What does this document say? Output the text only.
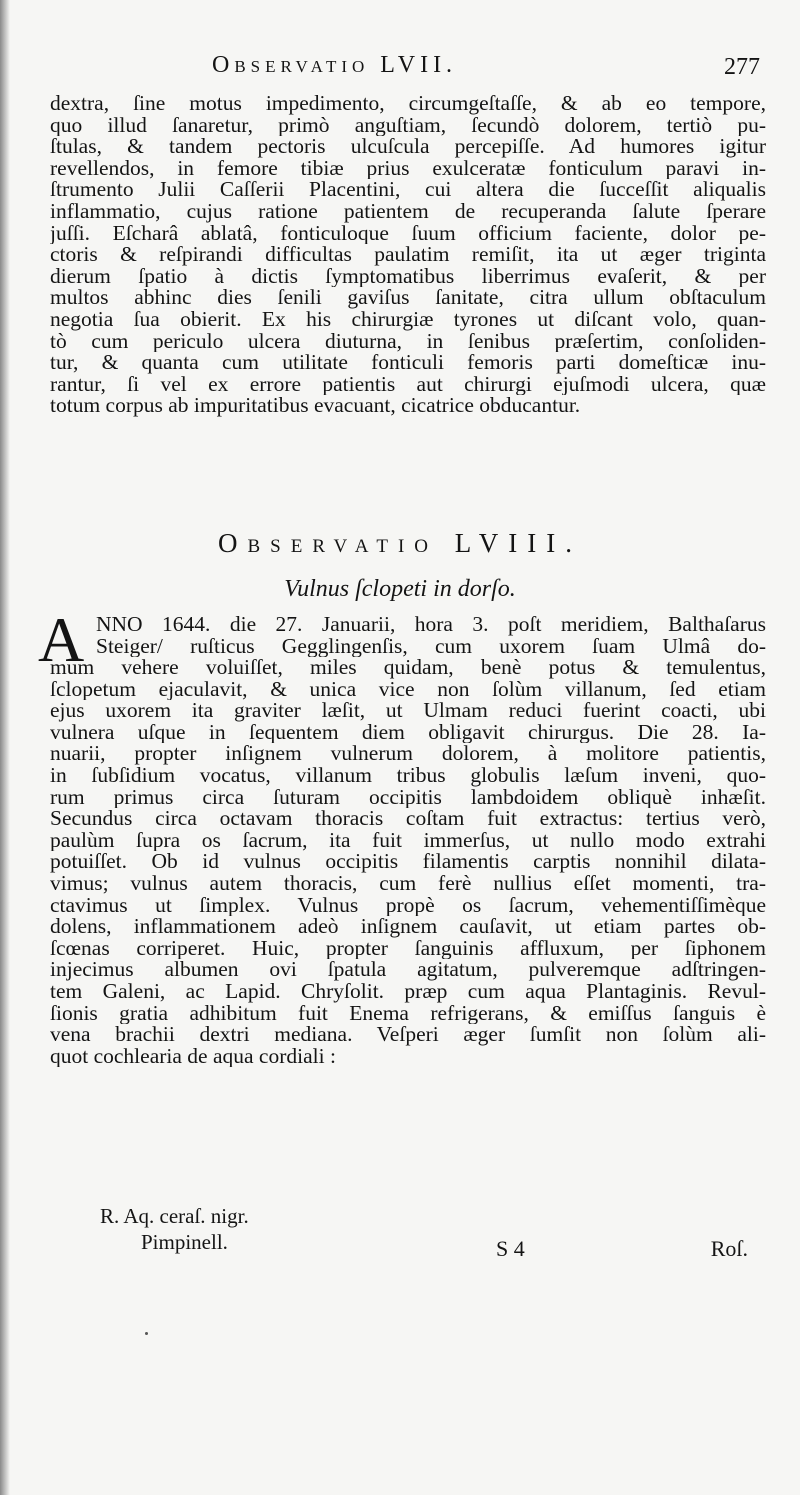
Observatio LVII.	277
dextra, ſine motus impedimento, circumgeſtaſſe, & ab eo tempore,
quo illud ſanaretur, primò anguſtiam, ſecundò dolorem, tertiò pu-
ſtulas, & tandem pectoris ulcuſcula percepiſſe. Ad humores igitur
revellendos, in femore tibiæ prius exulceratæ fonticulum paravi in-
ſtrumento Julii Caſſerii Placentini, cui altera die ſucceſſit aliqualis
inflammatio, cujus ratione patientem de recuperanda ſalute ſperare
juſſi. Eſcharâ ablatâ, fonticuloque ſuum officium faciente, dolor pe-
ctoris & reſpirandi difficultas paulatim remiſit, ita ut æger triginta
dierum ſpatio à dictis ſymptomatibus liberrimus evaſerit, & per
multos abhinc dies ſenili gaviſus ſanitate, citra ullum obſtaculum
negotia ſua obierit. Ex his chirurgiæ tyrones ut diſcant volo, quan-
tò cum periculo ulcera diuturna, in ſenibus præſertim, conſoliden-
tur, & quanta cum utilitate fonticuli femoris parti domeſticæ inu-
rantur, ſi vel ex errore patientis aut chirurgi ejuſmodi ulcera, quæ
totum corpus ab impuritatibus evacuant, cicatrice obducantur.
Observatio LVIII.
Vulnus ſclopeti in dorſo.
A NNO 1644. die 27. Januarii, hora 3. poſt meridiem, Balthaſarus
Steiger/ ruſticus Gegglingenſis, cum uxorem ſuam Ulmâ do-
mum vehere voluiſſet, miles quidam, benè potus & temulentus,
ſclopetum ejaculavit, & unica vice non ſolùm villanum, ſed etiam
ejus uxorem ita graviter læſit, ut Ulmam reduci fuerint coacti, ubi
vulnera uſque in ſequentem diem obligavit chirurgus. Die 28. Ia-
nuarii, propter inſignem vulnerum dolorem, à molitore patientis,
in ſubſidium vocatus, villanum tribus globulis læſum inveni, quo-
rum primus circa ſuturam occipitis lambdoidem obliquè inhæſit.
Secundus circa octavam thoracis coſtam fuit extractus: tertius verò,
paulùm ſupra os ſacrum, ita fuit immerſus, ut nullo modo extrahi
potuiſſet. Ob id vulnus occipitis filamentis carptis nonnihil dilata-
vimus; vulnus autem thoracis, cum ferè nullius eſſet momenti, tra-
ctavimus ut ſimplex. Vulnus propè os ſacrum, vehementiſſimèque
dolens, inflammationem adeò inſignem cauſavit, ut etiam partes ob-
ſcœnas corriperet. Huic, propter ſanguinis affluxum, per ſiphonem
injecimus albumen ovi ſpatula agitatum, pulveremque adſtringen-
tem Galeni, ac Lapid. Chryſolit. præp cum aqua Plantaginis. Revul-
ſionis gratia adhibitum fuit Enema refrigerans, & emiſſus ſanguis è
vena brachii dextri mediana. Veſperi æger ſumſit non ſolùm ali-
quot cochlearia de aqua cordiali :
R. Aq. ceraſ. nigr.
Pimpinell.	S 4	Roſ.
